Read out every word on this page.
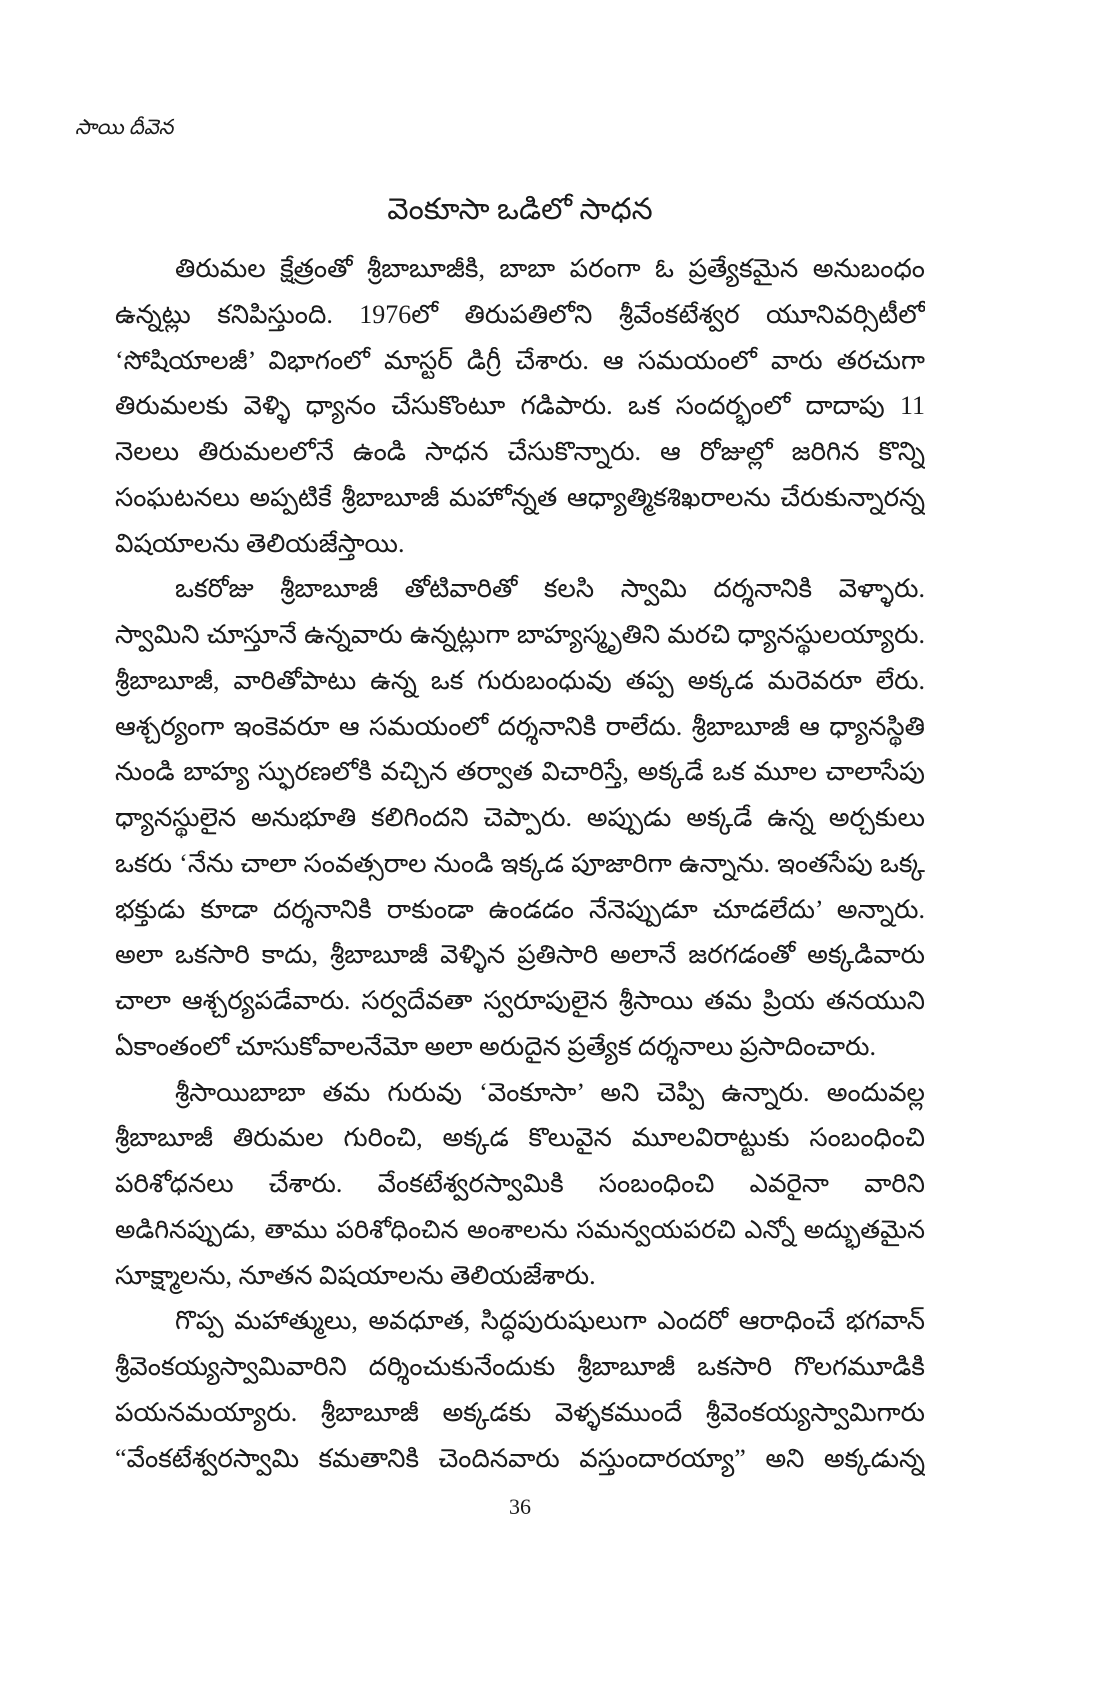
సాయి దీవెన
వెంకూసా ఒడిలో సాధన
తిరుమల క్షేత్రంతో శ్రీబాబూజీకి, బాబా పరంగా ఓ ప్రత్యేకమైన అనుబంధం
ఉన్నట్లు కనిపిస్తుంది. 1976లో తిరుపతిలోని శ్రీవేంకటేశ్వర యూనివర్సిటీలో
‘సోషియాలజీ’ విభాగంలో మాస్టర్ డిగ్రీ చేశారు. ఆ సమయంలో వారు తరచుగా
తిరుమలకు వెళ్ళి ధ్యానం చేసుకొంటూ గడిపారు. ఒక సందర్భంలో దాదాపు 11
నెలలు తిరుమలలోనే ఉండి సాధన చేసుకొన్నారు. ఆ రోజుల్లో జరిగిన కొన్ని
సంఘటనలు అప్పటికే శ్రీబాబూజీ మహోన్నత ఆధ్యాత్మికశిఖరాలను చేరుకున్నారన్న
విషయాలను తెలియజేస్తాయి.
ఒకరోజు శ్రీబాబూజీ తోటివారితో కలసి స్వామి దర్శనానికి వెళ్ళారు.
స్వామిని చూస్తూనే ఉన్నవారు ఉన్నట్లుగా బాహ్యస్మృతిని మరచి ధ్యానస్థులయ్యారు.
శ్రీబాబూజీ, వారితోపాటు ఉన్న ఒక గురుబంధువు తప్ప అక్కడ మరెవరూ లేరు.
ఆశ్చర్యంగా ఇంకెవరూ ఆ సమయంలో దర్శనానికి రాలేదు. శ్రీబాబూజీ ఆ ధ్యానస్థితి
నుండి బాహ్య స్ఫురణలోకి వచ్చిన తర్వాత విచారిస్తే, అక్కడే ఒక మూల చాలాసేపు
ధ్యానస్థులైన అనుభూతి కలిగిందని చెప్పారు. అప్పుడు అక్కడే ఉన్న అర్చకులు
ఒకరు ‘నేను చాలా సంవత్సరాల నుండి ఇక్కడ పూజారిగా ఉన్నాను. ఇంతసేపు ఒక్క
భక్తుడు కూడా దర్శనానికి రాకుండా ఉండడం నేనెప్పుడూ చూడలేదు’ అన్నారు.
అలా ఒకసారి కాదు, శ్రీబాబూజీ వెళ్ళిన ప్రతిసారి అలానే జరగడంతో అక్కడివారు
చాలా ఆశ్చర్యపడేవారు. సర్వదేవతా స్వరూపులైన శ్రీసాయి తమ ప్రియ తనయుని
ఏకాంతంలో చూసుకోవాలనేమో అలా అరుదైన ప్రత్యేక దర్శనాలు ప్రసాదించారు.
శ్రీసాయిబాబా తమ గురువు ‘వెంకూసా’ అని చెప్పి ఉన్నారు. అందువల్ల
శ్రీబాబూజీ తిరుమల గురించి, అక్కడ కొలువైన మూలవిరాట్టుకు సంబంధించి
పరిశోధనలు చేశారు. వేంకటేశ్వరస్వామికి సంబంధించి ఎవరైనా వారిని
అడిగినప్పుడు, తాము పరిశోధించిన అంశాలను సమన్వయపరచి ఎన్నో అద్భుతమైన
సూక్ష్మాలను, నూతన విషయాలను తెలియజేశారు.
గొప్ప మహాత్ములు, అవధూత, సిద్ధపురుషులుగా ఎందరో ఆరాధించే భగవాన్
శ్రీవెంకయ్యస్వామివారిని దర్శించుకునేందుకు శ్రీబాబూజీ ఒకసారి గొలగమూడికి
పయనమయ్యారు. శ్రీబాబూజీ అక్కడకు వెళ్ళకముందే శ్రీవెంకయ్యస్వామిగారు
“వేంకటేశ్వరస్వామి కమతానికి చెందినవారు వస్తుందారయ్యా” అని అక్కడున్న
36
